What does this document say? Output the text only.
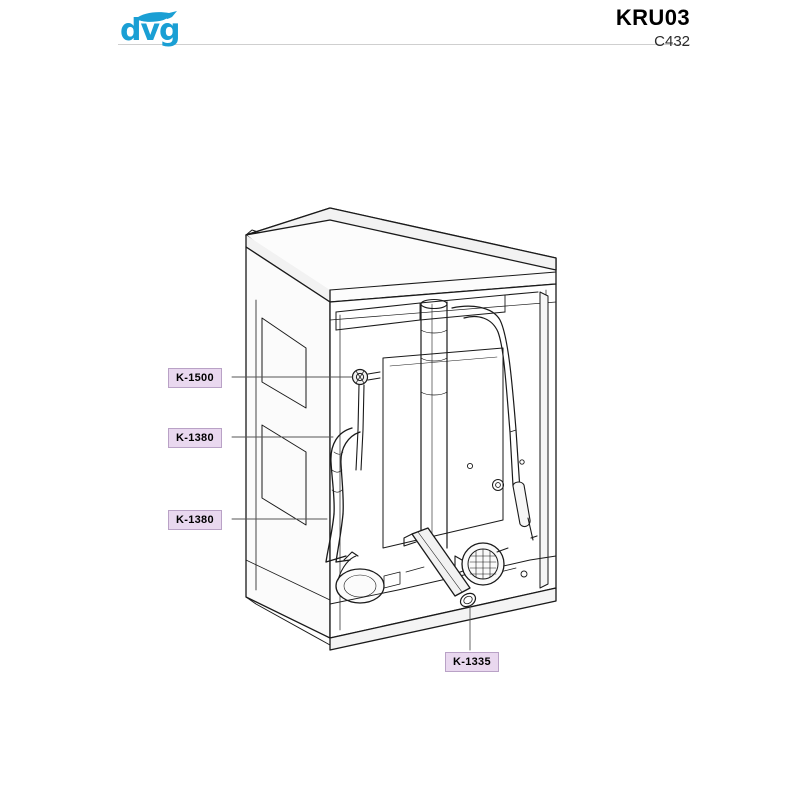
dvg	KRU03
C432
K-1500
K-1380
K-1380
K-1335
